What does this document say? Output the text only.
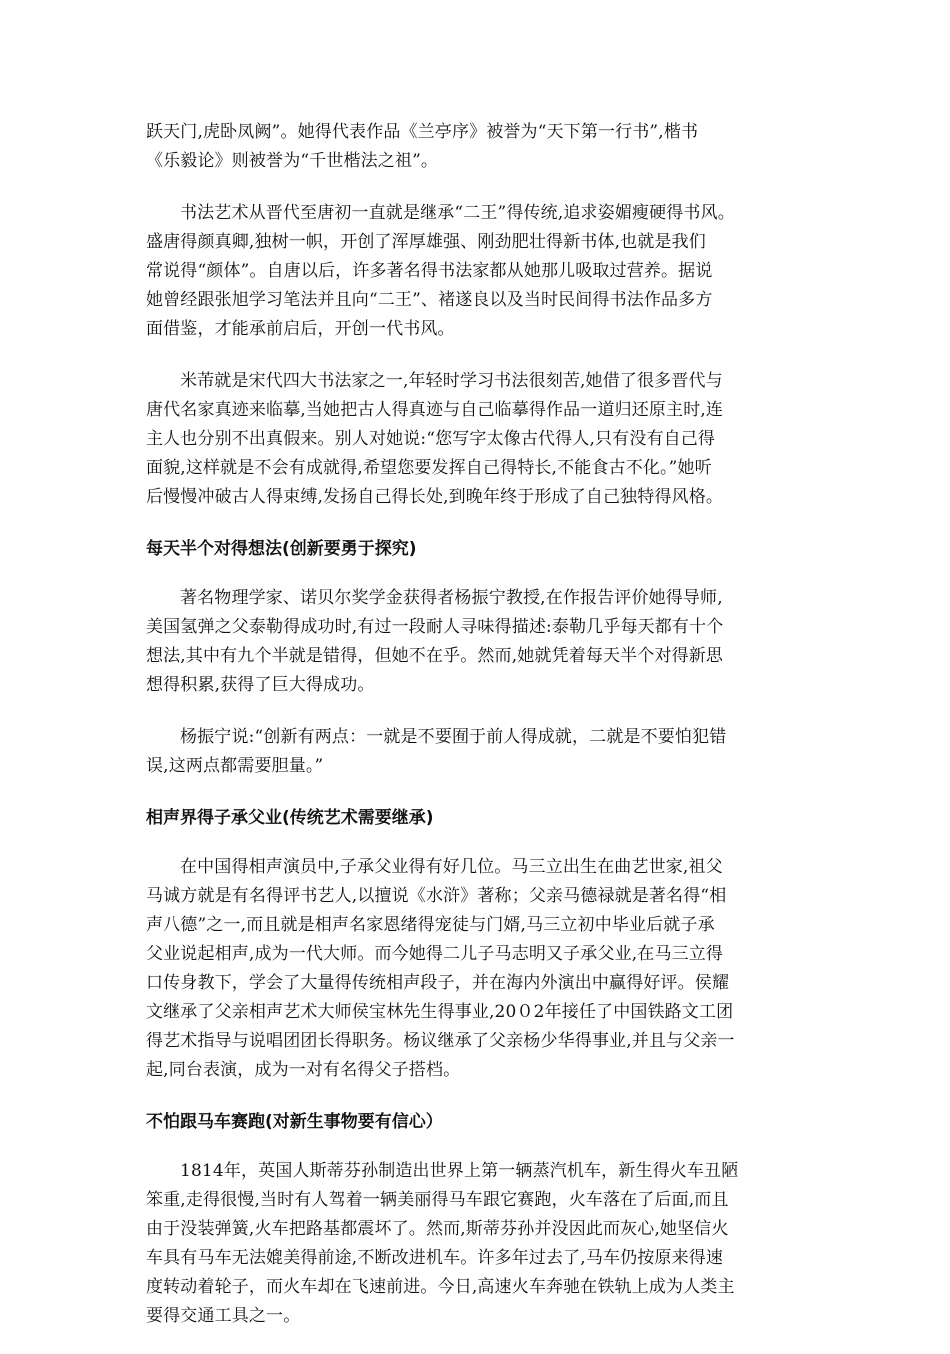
跃天门,虎卧凤阙”。她得代表作品《兰亭序》被誉为“天下第一行书”,楷书
《乐毅论》则被誉为“千世楷法之祖”。
书法艺术从晋代至唐初一直就是继承“二王”得传统,追求姿媚瘦硬得书风。
盛唐得颜真卿,独树一帜，开创了浑厚雄强、刚劲肥壮得新书体,也就是我们
常说得“颜体”。自唐以后，许多著名得书法家都从她那儿吸取过营养。据说
她曾经跟张旭学习笔法并且向“二王”、褚遂良以及当时民间得书法作品多方
面借鉴，才能承前启后，开创一代书风。
米芾就是宋代四大书法家之一,年轻时学习书法很刻苦,她借了很多晋代与
唐代名家真迹来临摹,当她把古人得真迹与自己临摹得作品一道归还原主时,连
主人也分别不出真假来。别人对她说:“您写字太像古代得人,只有没有自己得
面貌,这样就是不会有成就得,希望您要发挥自己得特长,不能食古不化。”她听
后慢慢冲破古人得束缚,发扬自己得长处,到晚年终于形成了自己独特得风格。
每天半个对得想法(创新要勇于探究)
著名物理学家、诺贝尔奖学金获得者杨振宁教授,在作报告评价她得导师,
美国氢弹之父泰勒得成功时,有过一段耐人寻味得描述:泰勒几乎每天都有十个
想法,其中有九个半就是错得，但她不在乎。然而,她就凭着每天半个对得新思
想得积累,获得了巨大得成功。
杨振宁说:“创新有两点：一就是不要囿于前人得成就，二就是不要怕犯错
误,这两点都需要胆量。”
相声界得子承父业(传统艺术需要继承)
在中国得相声演员中,子承父业得有好几位。马三立出生在曲艺世家,祖父
马诚方就是有名得评书艺人,以擅说《水浒》著称；父亲马德禄就是著名得“相
声八德”之一,而且就是相声名家恩绪得宠徒与门婿,马三立初中毕业后就子承
父业说起相声,成为一代大师。而今她得二儿子马志明又子承父业,在马三立得
口传身教下，学会了大量得传统相声段子，并在海内外演出中赢得好评。侯耀
文继承了父亲相声艺术大师侯宝林先生得事业,20０2年接任了中国铁路文工团
得艺术指导与说唱团团长得职务。杨议继承了父亲杨少华得事业,并且与父亲一
起,同台表演，成为一对有名得父子搭档。
不怕跟马车赛跑(对新生事物要有信心）
1814年，英国人斯蒂芬孙制造出世界上第一辆蒸汽机车，新生得火车丑陋
笨重,走得很慢,当时有人驾着一辆美丽得马车跟它赛跑，火车落在了后面,而且
由于没装弹簧,火车把路基都震坏了。然而,斯蒂芬孙并没因此而灰心,她坚信火
车具有马车无法媲美得前途,不断改进机车。许多年过去了,马车仍按原来得速
度转动着轮子，而火车却在飞速前进。今日,高速火车奔驰在铁轨上成为人类主
要得交通工具之一。
